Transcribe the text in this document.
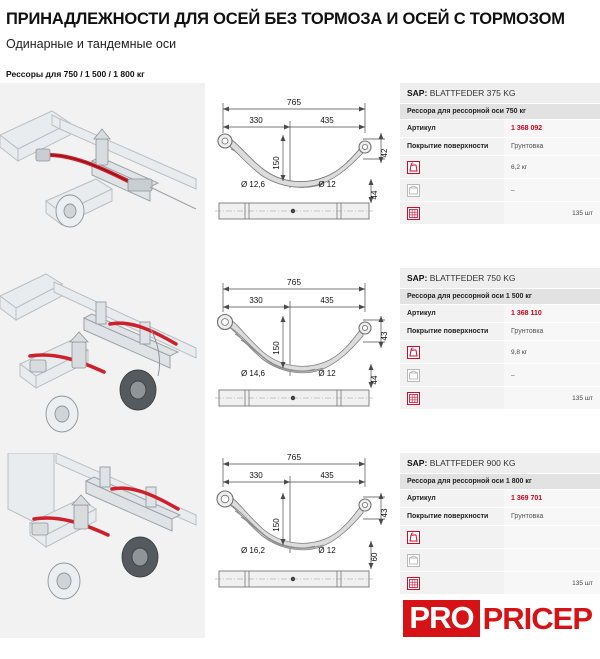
ПРИНАДЛЕЖНОСТИ ДЛЯ ОСЕЙ БЕЗ ТОРМОЗА И ОСЕЙ С ТОРМОЗОМ
Одинарные и тандемные оси
Рессоры для 750 / 1 500 / 1 800 кг
765
330	435
150
42
Ø 12,6	Ø 12
44
SAP: BLATTFEDER 375 KG
Рессора для рессорной оси 750 кг
Артикул	1 368 092
Покрытие поверхности	Грунтовка
6,2 кг
–
135 шт
765
330	435
150
43
Ø 14,6	Ø 12
44
SAP: BLATTFEDER 750 KG
Рессора для рессорной оси 1 500 кг
Артикул	1 368 110
Покрытие поверхности	Грунтовка
9,8 кг
–
135 шт
765
330	435
150
43
Ø 16,2	Ø 12
60
SAP: BLATTFEDER 900 KG
Рессора для рессорной оси 1 800 кг
Артикул	1 369 701
Покрытие поверхности	Грунтовка
135 шт
PRO PRICEP
